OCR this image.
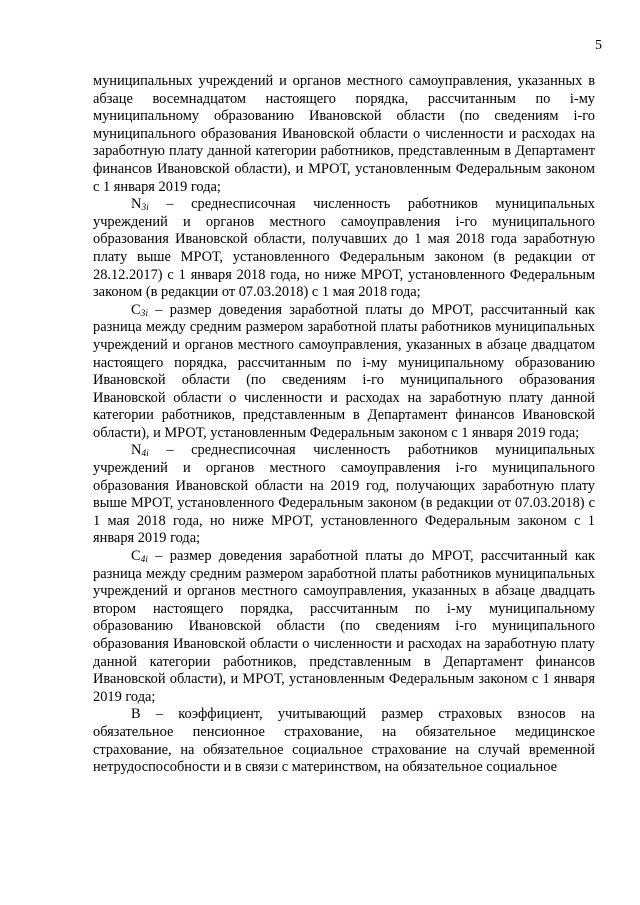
5

муниципальных учреждений и органов местного самоуправления, указанных в абзаце восемнадцатом настоящего порядка, рассчитанным по i-му муниципальному образованию Ивановской области (по сведениям i-го муниципального образования Ивановской области о численности и расходах на заработную плату данной категории работников, представленным в Департамент финансов Ивановской области), и МРОТ, установленным Федеральным законом с 1 января 2019 года;

$N_{3i}$ – среднесписочная численность работников муниципальных учреждений и органов местного самоуправления i-го муниципального образования Ивановской области, получавших до 1 мая 2018 года заработную плату выше МРОТ, установленного Федеральным законом (в редакции от 28.12.2017) с 1 января 2018 года, но ниже МРОТ, установленного Федеральным законом (в редакции от 07.03.2018) с 1 мая 2018 года;

$C_{3i}$ – размер доведения заработной платы до МРОТ, рассчитанный как разница между средним размером заработной платы работников муниципальных учреждений и органов местного самоуправления, указанных в абзаце двадцатом настоящего порядка, рассчитанным по i-му муниципальному образованию Ивановской области (по сведениям i-го муниципального образования Ивановской области о численности и расходах на заработную плату данной категории работников, представленным в Департамент финансов Ивановской области), и МРОТ, установленным Федеральным законом с 1 января 2019 года;

$N_{4i}$ – среднесписочная численность работников муниципальных учреждений и органов местного самоуправления i-го муниципального образования Ивановской области на 2019 год, получающих заработную плату выше МРОТ, установленного Федеральным законом (в редакции от 07.03.2018) с 1 мая 2018 года, но ниже МРОТ, установленного Федеральным законом с 1 января 2019 года;

$C_{4i}$ – размер доведения заработной платы до МРОТ, рассчитанный как разница между средним размером заработной платы работников муниципальных учреждений и органов местного самоуправления, указанных в абзаце двадцать втором настоящего порядка, рассчитанным по i-му муниципальному образованию Ивановской области (по сведениям i-го муниципального образования Ивановской области о численности и расходах на заработную плату данной категории работников, представленным в Департамент финансов Ивановской области), и МРОТ, установленным Федеральным законом с 1 января 2019 года;

В – коэффициент, учитывающий размер страховых взносов на обязательное пенсионное страхование, на обязательное медицинское страхование, на обязательное социальное страхование на случай временной нетрудоспособности и в связи с материнством, на обязательное социальное
